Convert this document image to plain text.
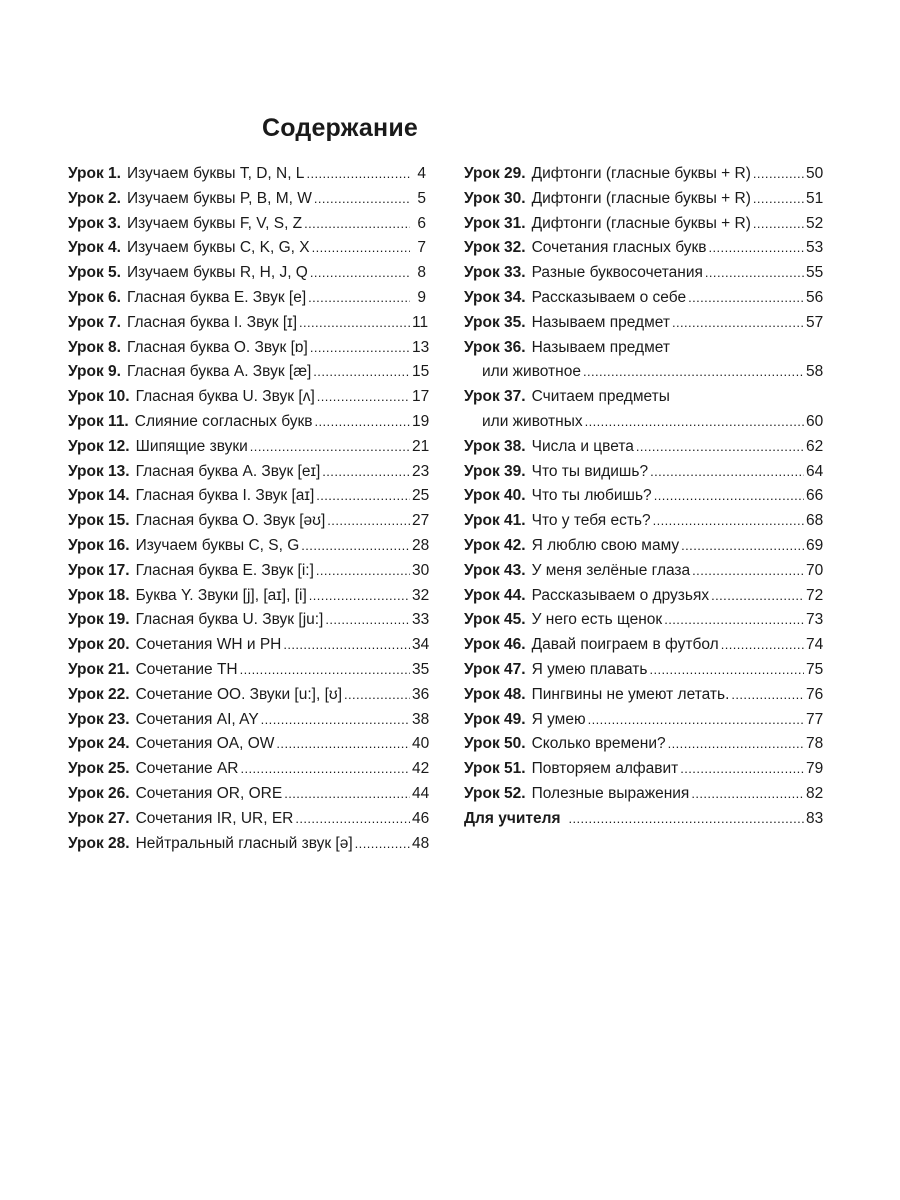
Содержание
Урок 1. Изучаем буквы T, D, N, L .....	4
Урок 2. Изучаем буквы P, B, M, W .....	5
Урок 3. Изучаем буквы F, V, S, Z .....	6
Урок 4. Изучаем буквы C, K, G, X .....	7
Урок 5. Изучаем буквы R, H, J, Q .....	8
Урок 6. Гласная буква E. Звук [e] .....	9
Урок 7. Гласная буква I. Звук [ɪ] .....	11
Урок 8. Гласная буква O. Звук [ɒ] .....	13
Урок 9. Гласная буква A. Звук [æ] .....	15
Урок 10. Гласная буква U. Звук [ʌ] .....	17
Урок 11. Слияние согласных букв .....	19
Урок 12. Шипящие звуки .....	21
Урок 13. Гласная буква A. Звук [eɪ] .....	23
Урок 14. Гласная буква I. Звук [aɪ] .....	25
Урок 15. Гласная буква O. Звук [əʊ] .....	27
Урок 16. Изучаем буквы C, S, G .....	28
Урок 17. Гласная буква E. Звук [i:] .....	30
Урок 18. Буква Y. Звуки [j], [aɪ], [i] .....	32
Урок 19. Гласная буква U. Звук [ju:] .....	33
Урок 20. Сочетания WH и PH .....	34
Урок 21. Сочетание TH .....	35
Урок 22. Сочетание OO. Звуки [u:], [ʊ] .....	36
Урок 23. Сочетания AI, AY .....	38
Урок 24. Сочетания OA, OW .....	40
Урок 25. Сочетание AR .....	42
Урок 26. Сочетания OR, ORE .....	44
Урок 27. Сочетания IR, UR, ER .....	46
Урок 28. Нейтральный гласный звук [ə] .....	48
Урок 29. Дифтонги (гласные буквы + R) .....	50
Урок 30. Дифтонги (гласные буквы + R) .....	51
Урок 31. Дифтонги (гласные буквы + R) .....	52
Урок 32. Сочетания гласных букв .....	53
Урок 33. Разные буквосочетания .....	55
Урок 34. Рассказываем о себе .....	56
Урок 35. Называем предмет .....	57
Урок 36. Называем предмет
или животное .....	58
Урок 37. Считаем предметы
или животных .....	60
Урок 38. Числа и цвета .....	62
Урок 39. Что ты видишь? .....	64
Урок 40. Что ты любишь? .....	66
Урок 41. Что у тебя есть? .....	68
Урок 42. Я люблю свою маму .....	69
Урок 43. У меня зелёные глаза .....	70
Урок 44. Рассказываем о друзьях .....	72
Урок 45. У него есть щенок .....	73
Урок 46. Давай поиграем в футбол .....	74
Урок 47. Я умею плавать .....	75
Урок 48. Пингвины не умеют летать. .....	76
Урок 49. Я умею .....	77
Урок 50. Сколько времени? .....	78
Урок 51. Повторяем алфавит .....	79
Урок 52. Полезные выражения .....	82
Для учителя .....	83
